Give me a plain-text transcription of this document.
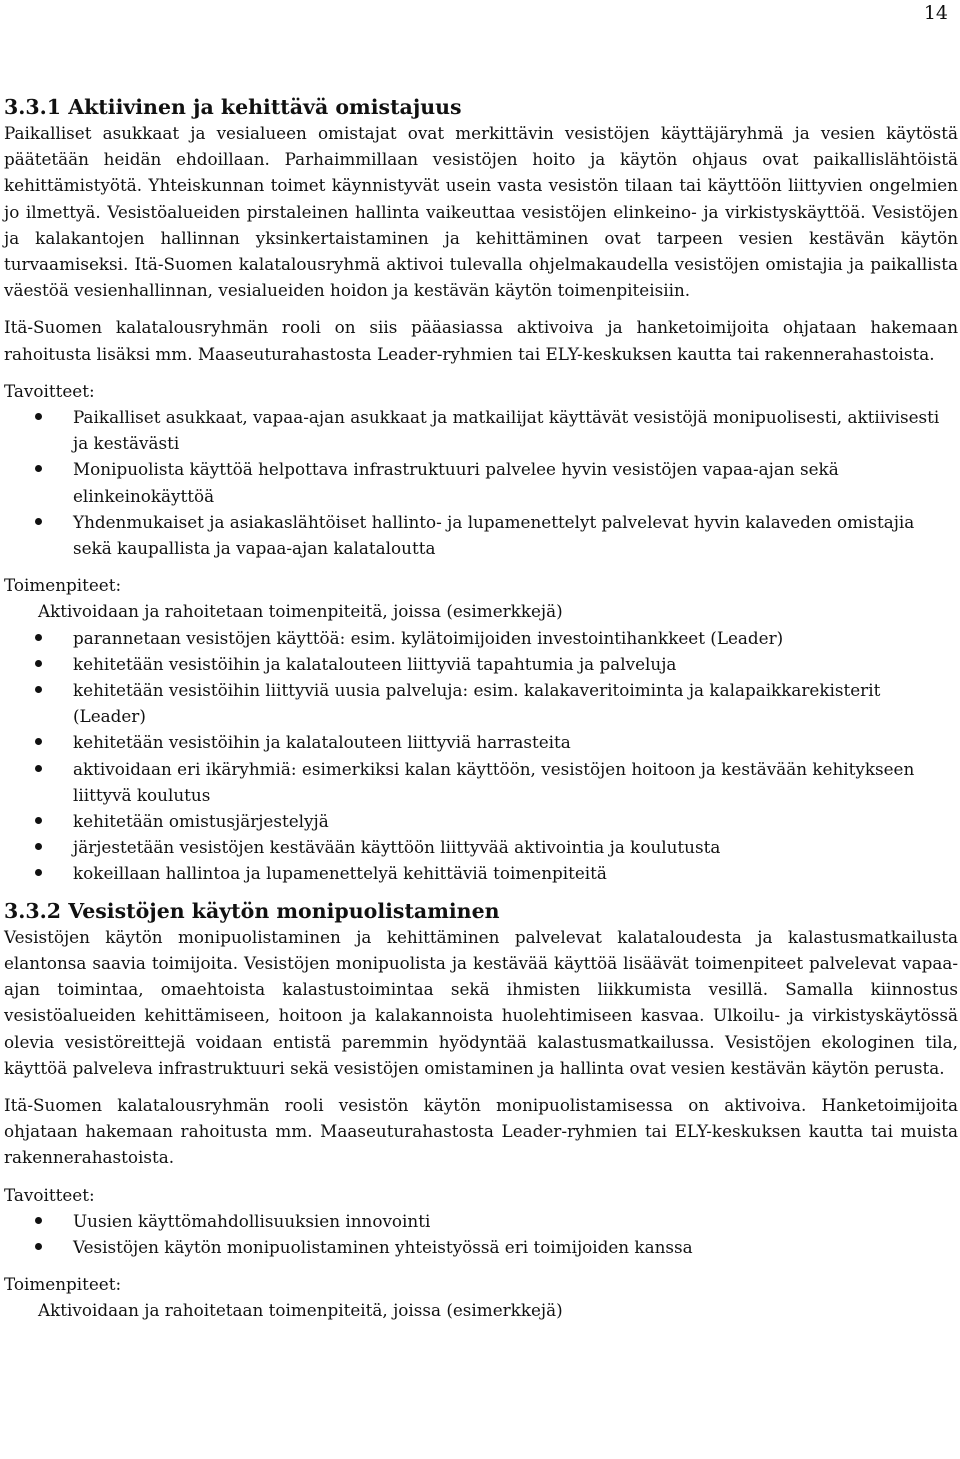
14
3.3.1 Aktiivinen ja kehittävä omistajuus

Paikalliset asukkaat ja vesialueen omistajat ovat merkittävin vesistöjen käyttäjäryhmä ja vesien käytöstä päätetään heidän ehdoillaan. Parhaimmillaan vesistöjen hoito ja käytön ohjaus ovat paikallislähtöistä kehittämistyötä. Yhteiskunnan toimet käynnistyvät usein vasta vesistön tilaan tai käyttöön liittyvien ongelmien jo ilmettyä. Vesistöalueiden pirstaleinen hallinta vaikeuttaa vesistöjen elinkeino- ja virkistyskäyttöä. Vesistöjen ja kalakantojen hallinnan yksinkertaistaminen ja kehittäminen ovat tarpeen vesien kestävän käytön turvaamiseksi. Itä-Suomen kalatalousryhmä aktivoi tulevalla ohjelmakaudella vesistöjen omistajia ja paikallista väestöä vesienhallinnan, vesialueiden hoidon ja kestävän käytön toimenpiteisiin.

Itä-Suomen kalatalousryhmän rooli on siis pääasiassa aktivoiva ja hanketoimijoita ohjataan hakemaan rahoitusta lisäksi mm. Maaseuturahastosta Leader-ryhmien tai ELY-keskuksen kautta tai rakennerahastoista.

Tavoitteet:
Paikalliset asukkaat, vapaa-ajan asukkaat ja matkailijat käyttävät vesistöjä monipuolisesti, aktiivisesti ja kestävästi
Monipuolista käyttöä helpottava infrastruktuuri palvelee hyvin vesistöjen vapaa-ajan sekä elinkeinokäyttöä
Yhdenmukaiset ja asiakaslähtöiset hallinto- ja lupamenettelyt palvelevat hyvin kalaveden omistajia sekä kaupallista ja vapaa-ajan kalataloutta
Toimenpiteet:
Aktivoidaan ja rahoitetaan toimenpiteitä, joissa (esimerkkejä)
parannetaan vesistöjen käyttöä: esim. kylätoimijoiden investointihankkeet (Leader)
kehitetään vesistöihin ja kalatalouteen liittyviä tapahtumia ja palveluja
kehitetään vesistöihin liittyviä uusia palveluja: esim. kalakaveritoiminta ja kalapaikkarekisterit (Leader)
kehitetään vesistöihin ja kalatalouteen liittyviä harrasteita
aktivoidaan eri ikäryhmiä: esimerkiksi kalan käyttöön, vesistöjen hoitoon ja kestävään kehitykseen liittyvä koulutus
kehitetään omistusjärjestelyjä
järjestetään vesistöjen kestävään käyttöön liittyvää aktivointia ja koulutusta
kokeillaan hallintoa ja lupamenettelyä kehittäviä toimenpiteitä
3.3.2 Vesistöjen käytön monipuolistaminen

Vesistöjen käytön monipuolistaminen ja kehittäminen palvelevat kalataloudesta ja kalastusmatkailusta elantonsa saavia toimijoita. Vesistöjen monipuolista ja kestävää käyttöä lisäävät toimenpiteet palvelevat vapaa-ajan toimintaa, omaehtoista kalastustoimintaa sekä ihmisten liikkumista vesillä. Samalla kiinnostus vesistöalueiden kehittämiseen, hoitoon ja kalakannoista huolehtimiseen kasvaa. Ulkoilu- ja virkistyskäytössä olevia vesistöreittejä voidaan entistä paremmin hyödyntää kalastusmatkailussa. Vesistöjen ekologinen tila, käyttöä palveleva infrastruktuuri sekä vesistöjen omistaminen ja hallinta ovat vesien kestävän käytön perusta.

Itä-Suomen kalatalousryhmän rooli vesistön käytön monipuolistamisessa on aktivoiva. Hanketoimijoita ohjataan hakemaan rahoitusta mm. Maaseuturahastosta Leader-ryhmien tai ELY-keskuksen kautta tai muista rakennerahastoista.

Tavoitteet:
Uusien käyttömahdollisuuksien innovointi
Vesistöjen käytön monipuolistaminen yhteistyössä eri toimijoiden kanssa
Toimenpiteet:
Aktivoidaan ja rahoitetaan toimenpiteitä, joissa (esimerkkejä)
